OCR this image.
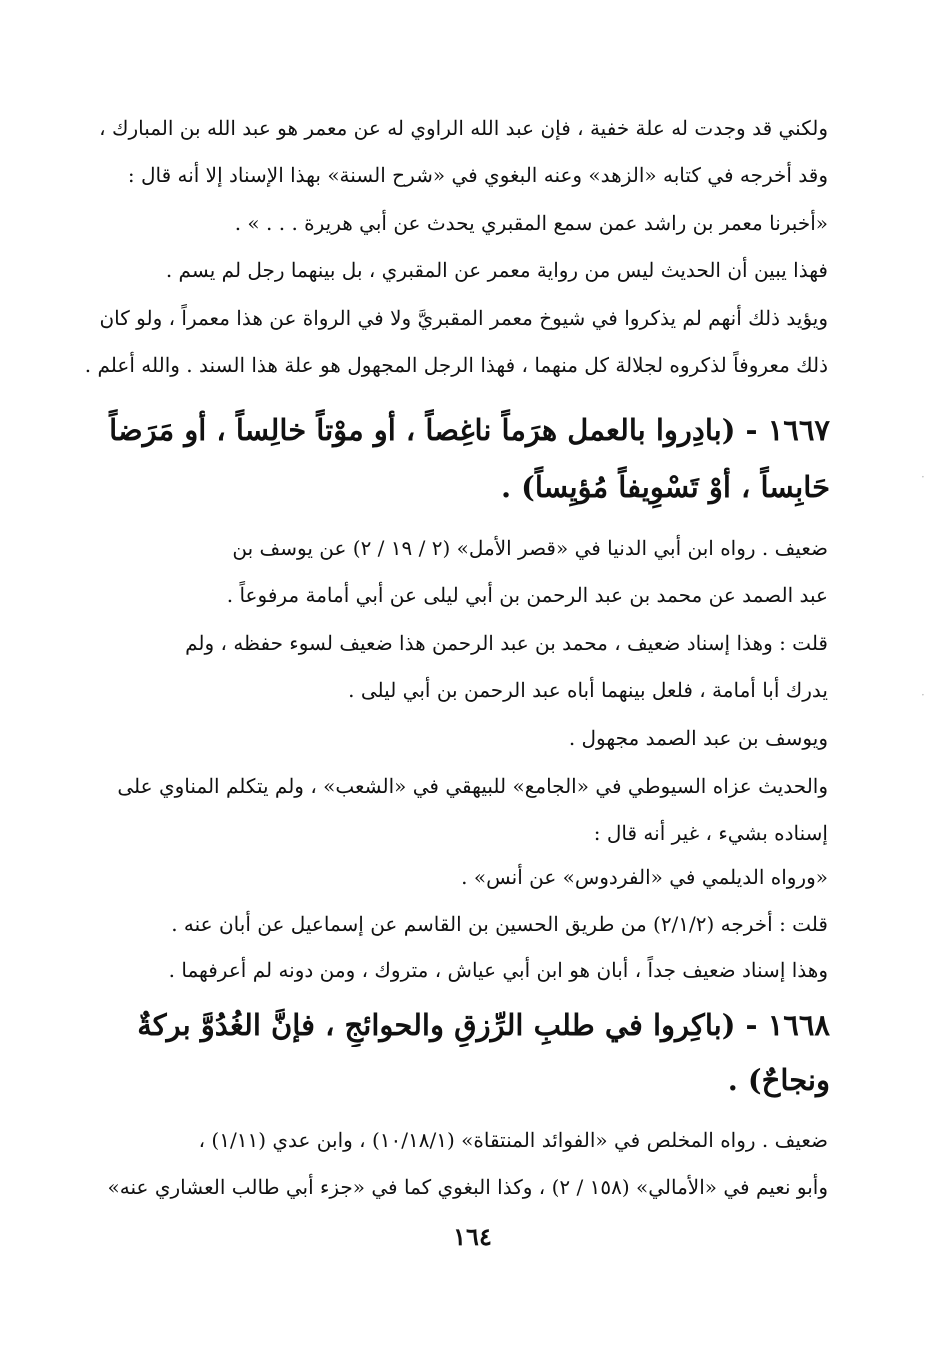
ولكني قد وجدت له علة خفية ، فإن عبد الله الراوي له عن معمر هو عبد الله بن المبارك ،
وقد أخرجه في كتابه «الزهد» وعنه البغوي في «شرح السنة» بهذا الإسناد إلا أنه قال :
«أخبرنا معمر بن راشد عمن سمع المقبري يحدث عن أبي هريرة . . . » .
فهذا يبين أن الحديث ليس من رواية معمر عن المقبري ، بل بينهما رجل لم يسم .
ويؤيد ذلك أنهم لم يذكروا في شيوخ معمر المقبريَّ ولا في الرواة عن هذا معمراً ، ولو كان
ذلك معروفاً لذكروه لجلالة كل منهما ، فهذا الرجل المجهول هو علة هذا السند . والله أعلم .
١٦٦٧ - (بادِروا بالعمل هرَماً ناغِصاً ، أو موْتاً خالِساً ، أو مَرَضاً
حَابِساً ، أوْ تَسْوِيفاً مُؤيِساً) .
ضعيف . رواه ابن أبي الدنيا في «قصر الأمل» (٢ / ١٩ / ٢) عن يوسف بن
عبد الصمد عن محمد بن عبد الرحمن بن أبي ليلى عن أبي أمامة مرفوعاً .
قلت : وهذا إسناد ضعيف ، محمد بن عبد الرحمن هذا ضعيف لسوء حفظه ، ولم
يدرك أبا أمامة ، فلعل بينهما أباه عبد الرحمن بن أبي ليلى .
ويوسف بن عبد الصمد مجهول .
والحديث عزاه السيوطي في «الجامع» للبيهقي في «الشعب» ، ولم يتكلم المناوي على
إسناده بشيء ، غير أنه قال :
«ورواه الديلمي في «الفردوس» عن أنس» .
قلت : أخرجه (٢/١/٢) من طريق الحسين بن القاسم عن إسماعيل عن أبان عنه .
وهذا إسناد ضعيف جداً ، أبان هو ابن أبي عياش ، متروك ، ومن دونه لم أعرفهما .
١٦٦٨ - (باكِروا في طلبِ الرِّزقِ والحوائجِ ، فإنَّ الغُدُوَّ بركةٌ
ونجاحٌ) .
ضعيف . رواه المخلص في «الفوائد المنتقاة» (١٠/١٨/١) ، وابن عدي (١/١١) ،
وأبو نعيم في «الأمالي» (١٥٨ / ٢) ، وكذا البغوي كما في «جزء أبي طالب العشاري عنه»
١٦٤
·
·
